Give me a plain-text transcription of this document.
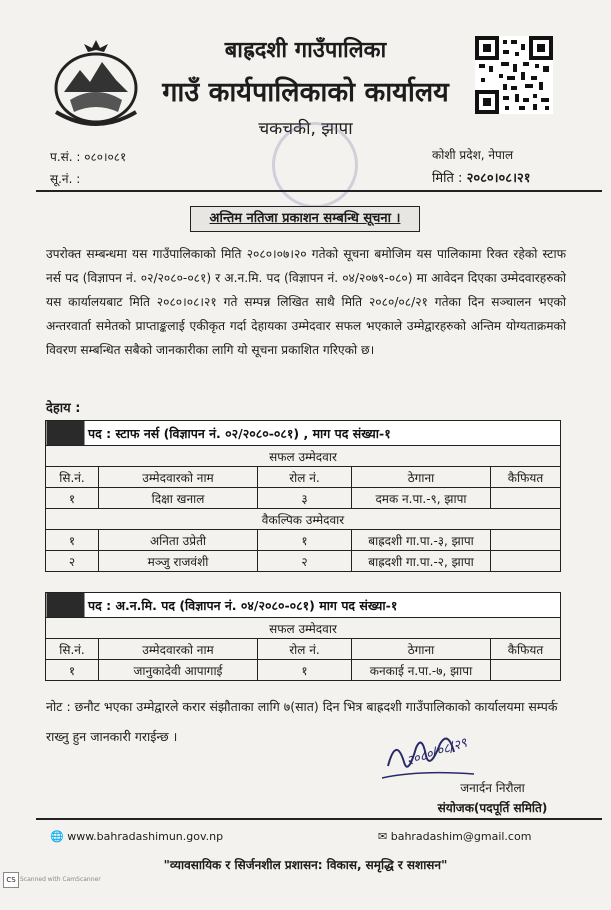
बाह्रदशी गाउँपालिका
गाउँ कार्यपालिकाको कार्यालय
चकचकी, झापा
प.सं. : ०८०।०८१
सू.नं. :
कोशी प्रदेश, नेपाल
मिति : २०८०।०८।२१
अन्तिम नतिजा प्रकाशन सम्बन्धि सूचना ।
उपरोक्त सम्बन्धमा यस गाउँपालिकाको मिति २०८०।०७।२० गतेको सूचना बमोजिम यस पालिकामा रिक्त रहेको स्टाफ नर्स पद (विज्ञापन नं. ०२/२०८०-०८१) र अ.न.मि. पद (विज्ञापन नं. ०४/२०७९-०८०) मा आवेदन दिएका उम्मेदवारहरुको यस कार्यालयबाट मिति २०८०।०८।२१ गते सम्पन्न लिखित साथै मिति २०८०/०८/२१ गतेका दिन सञ्चालन भएको अन्तरवार्ता समेतको प्राप्ताङ्कलाई एकीकृत गर्दा देहायका उम्मेदवार सफल भएकाले उम्मेद्वारहरुको अन्तिम योग्यताक्रमको विवरण सम्बन्धित सबैको जानकारीका लागि यो सूचना प्रकाशित गरिएको छ।
देहाय :
पद : स्टाफ नर्स (विज्ञापन नं. ०२/२०८०-०८१) , माग पद संख्या-१				
सफल उम्मेदवार				
सि.नं.	उम्मेदवारको नाम	रोल नं.	ठेगाना	कैफियत
१	दिक्षा खनाल	३	दमक न.पा.-९, झापा	
वैकल्पिक उम्मेदवार				
१	अनिता उप्रेती	१	बाह्रदशी गा.पा.-३, झापा	
२	मञ्जु राजवंशी	२	बाह्रदशी गा.पा.-२, झापा	
पद : अ.न.मि. पद (विज्ञापन नं. ०४/२०८०-०८१) माग पद संख्या-१				
सफल उम्मेदवार				
सि.नं.	उम्मेदवारको नाम	रोल नं.	ठेगाना	कैफियत
१	जानुकादेवी आपागाई	१	कनकाई न.पा.-७, झापा	
नोट : छनौट भएका उम्मेद्वारले करार संझौताका लागि ७(सात) दिन भित्र बाह्रदशी गाउँपालिकाको कार्यालयमा सम्पर्क राख्नु हुन जानकारी गराईन्छ ।	२०८०/०८/२९
जनार्दन निरौला
संयोजक(पदपूर्ति समिति)
🌐 www.bahradashimun.gov.np	✉ bahradashim@gmail.com
"व्यावसायिक र सिर्जनशील प्रशासन: विकास, समृद्धि र सशासन"
CS Scanned with CamScanner
